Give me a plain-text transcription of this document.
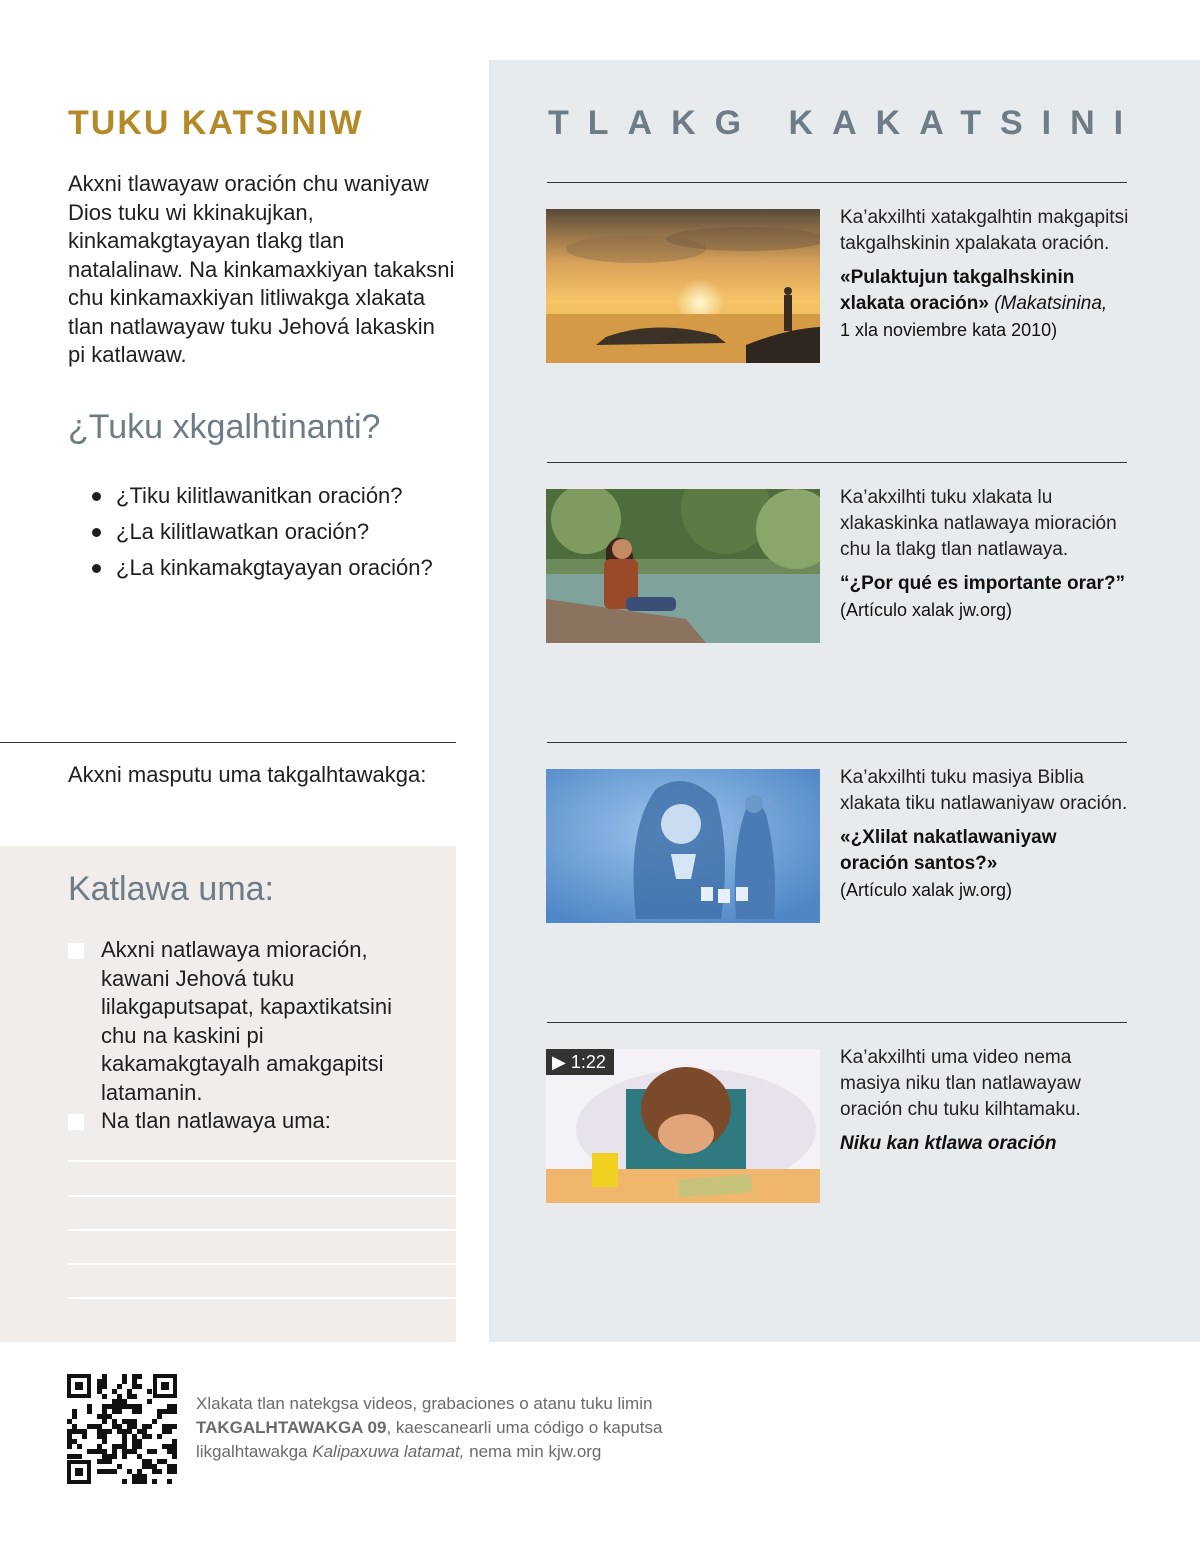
TUKU KATSINIW
Akxni tlawayaw oración chu waniyaw Dios tuku wi kkinakujkan, kinkamakgtayayan tlakg tlan natalalinaw. Na kinkamaxkiyan takaksni chu kinkamaxkiyan litliwakga xlakata tlan natlawayaw tuku Jehová lakaskin pi katlawaw.
¿Tuku xkgalhtinanti?
¿Tiku kilitlawanitkan oración?
¿La kilitlawatkan oración?
¿La kinkamakgtayayan oración?
Akxni masputu uma takgalhtawakga:
Katlawa uma:
Akxni natlawaya mioración, kawani Jehová tuku lilakgaputsapat, kapaxtikatsini chu na kaskini pi kakamakgtayalh amakgapitsi latamanin.
Na tlan natlawaya uma:
TLAKG KAKATSINI
Ka’akxilhti xatakgalhtin makgapitsi takgalhskinin xpalakata oración.
«Pulaktujun takgalhskinin xlakata oración» (Makatsinina,
1 xla noviembre kata 2010)
Ka’akxilhti tuku xlakata lu xlakaskinka natlawaya mioración chu la tlakg tlan natlawaya.
“¿Por qué es importante orar?”
(Artículo xalak jw.org)
Ka’akxilhti tuku masiya Biblia xlakata tiku natlawaniyaw oración.
«¿Xlilat nakatlawaniyaw oración santos?»
(Artículo xalak jw.org)
▶ 1:22	Ka’akxilhti uma video nema masiya niku tlan natlawayaw oración chu tuku kilhtamaku.
Niku kan ktlawa oración
Xlakata tlan natekgsa videos, grabaciones o atanu tuku limin TAKGALHTAWAKGA 09, kaescanearli uma código o kaputsa likgalhtawakga Kalipaxuwa latamat, nema min kjw.org
